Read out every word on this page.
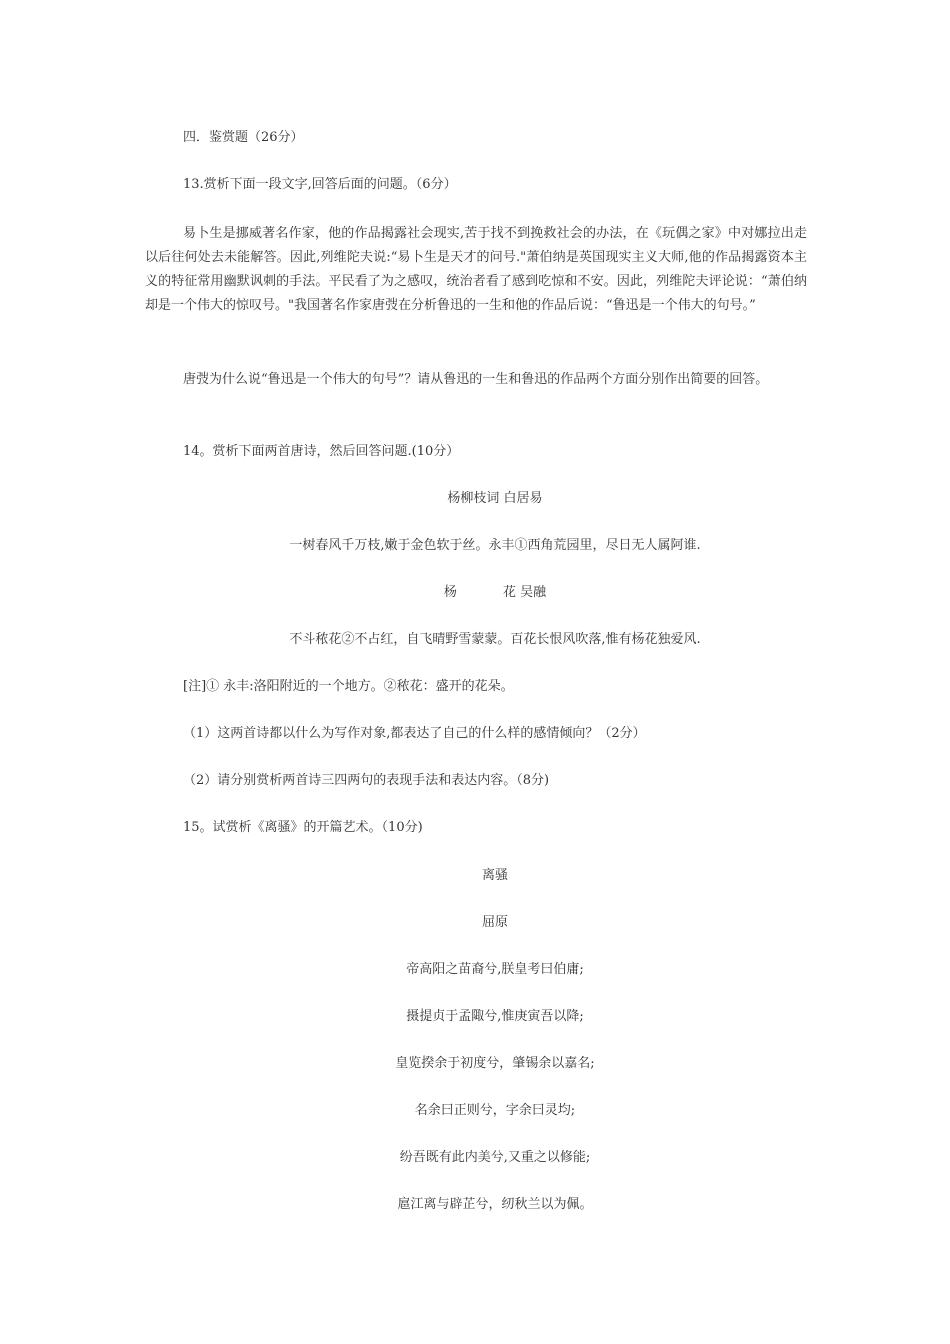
四．鉴赏题（26分）
13.赏析下面一段文字,回答后面的问题。（6分）
易卜生是挪威著名作家，他的作品揭露社会现实,苦于找不到挽救社会的办法，在《玩偶之家》中对娜拉出走以后往何处去未能解答。因此,列维陀夫说:“易卜生是天才的问号."萧伯纳是英国现实主义大师,他的作品揭露资本主义的特征常用幽默讽刺的手法。平民看了为之感叹，统治者看了感到吃惊和不安。因此，列维陀夫评论说：“萧伯纳却是一个伟大的惊叹号。"我国著名作家唐弢在分析鲁迅的一生和他的作品后说：“鲁迅是一个伟大的句号。”
唐弢为什么说“鲁迅是一个伟大的句号”？请从鲁迅的一生和鲁迅的作品两个方面分别作出简要的回答。
14。赏析下面两首唐诗，然后回答问题.(10分）
杨柳枝词 白居易
一树春风千万枝,嫩于金色软于丝。永丰①西角荒园里，尽日无人属阿谁.
杨	花 吴融
不斗秾花②不占红，自飞晴野雪蒙蒙。百花长恨风吹落,惟有杨花独爱风.
[注]① 永丰:洛阳附近的一个地方。②秾花：盛开的花朵。
（1）这两首诗都以什么为写作对象,都表达了自己的什么样的感情倾向？（2分）
（2）请分别赏析两首诗三四两句的表现手法和表达内容。（8分)
15。试赏析《离骚》的开篇艺术。（10分)
离骚
屈原
帝高阳之苗裔兮,朕皇考曰伯庸;
摄提贞于孟陬兮,惟庚寅吾以降;
皇览揆余于初度兮，肇锡余以嘉名;
名余曰正则兮，字余曰灵均;
纷吾既有此内美兮,又重之以修能;
扈江离与辟芷兮，纫秋兰以为佩。
